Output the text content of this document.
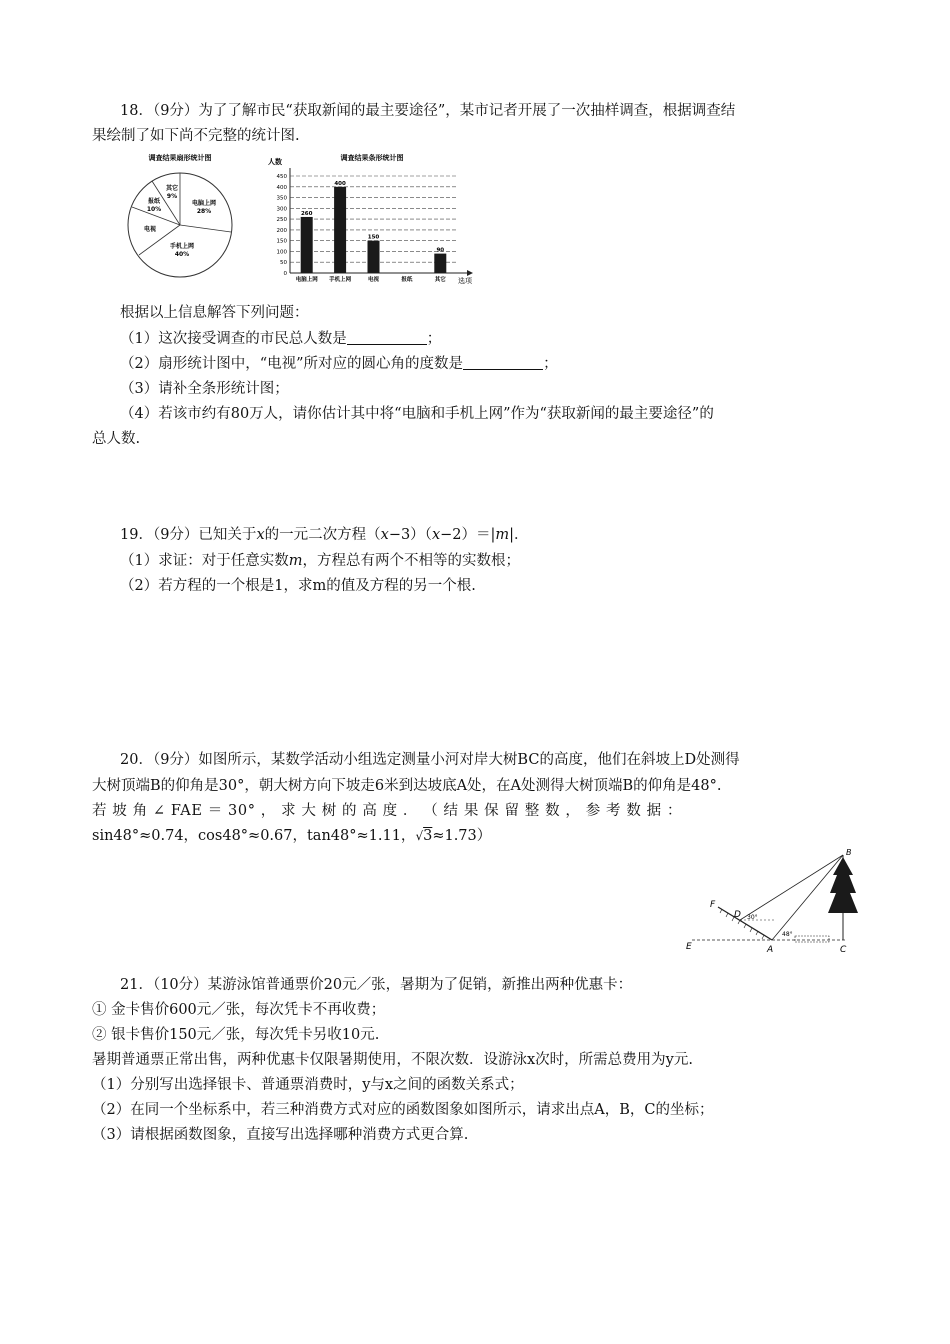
18．（9分）为了了解市民“获取新闻的最主要途径”，某市记者开展了一次抽样调查，根据调查结
果绘制了如下尚不完整的统计图.
调查结果扇形统计图
电脑上网
28%
手机上网
40%
电视
报纸
10%
其它
9%
调查结果条形统计图
人数
选项
0
50
100
150
200
250
300
350
400
450
260
电脑上网
400
手机上网
150
电视	报纸
90
其它
根据以上信息解答下列问题：
（1）这次接受调查的市民总人数是	；
（2）扇形统计图中，“电视”所对应的圆心角的度数是	；
（3）请补全条形统计图；
（4）若该市约有80万人，请你估计其中将“电脑和手机上网”作为“获取新闻的最主要途径”的
总人数.
19．（9分）已知关于x的一元二次方程（x−3）（x−2）＝|m|．
（1）求证：对于任意实数m，方程总有两个不相等的实数根；
（2）若方程的一个根是1，求m的值及方程的另一个根.
20．（9分）如图所示，某数学活动小组选定测量小河对岸大树BC的高度，他们在斜坡上D处测得
大树顶端B的仰角是30°，朝大树方向下坡走6米到达坡底A处，在A处测得大树顶端B的仰角是48°.
若 坡 角 ∠ FAE ＝ 30° ， 求 大 树 的 高 度 ． （ 结 果 保 留 整 数 ， 参 考 数 据 ：
sin48°≈0.74，cos48°≈0.67，tan48°≈1.11，√3≈1.73）
F
D
B
E	A	C
30°
48°
21．（10分）某游泳馆普通票价20元／张，暑期为了促销，新推出两种优惠卡：
① 金卡售价600元／张，每次凭卡不再收费；
② 银卡售价150元／张，每次凭卡另收10元.
暑期普通票正常出售，两种优惠卡仅限暑期使用，不限次数．设游泳x次时，所需总费用为y元.
（1）分别写出选择银卡、普通票消费时，y与x之间的函数关系式；
（2）在同一个坐标系中，若三种消费方式对应的函数图象如图所示，请求出点A，B，C的坐标；
（3）请根据函数图象，直接写出选择哪种消费方式更合算.
